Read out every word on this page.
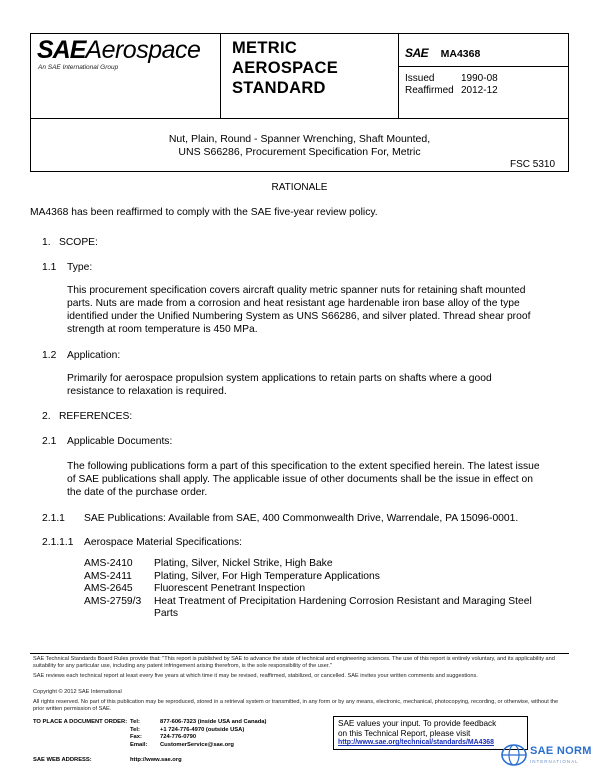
SAEAerospace
An SAE International Group
METRIC
AEROSPACE
STANDARD
SAE MA4368
Issued	1990-08
Reaffirmed 2012-12
Nut, Plain, Round - Spanner Wrenching, Shaft Mounted,
UNS S66286, Procurement Specification For, Metric
FSC 5310
RATIONALE
MA4368 has been reaffirmed to comply with the SAE five-year review policy.
1. SCOPE:
1.1 Type:
This procurement specification covers aircraft quality metric spanner nuts for retaining shaft mounted parts. Nuts are made from a corrosion and heat resistant age hardenable iron base alloy of the type identified under the Unified Numbering System as UNS S66286, and silver plated. Thread shear proof strength at room temperature is 450 MPa.
1.2 Application:
Primarily for aerospace propulsion system applications to retain parts on shafts where a good resistance to relaxation is required.
2. REFERENCES:
2.1 Applicable Documents:
The following publications form a part of this specification to the extent specified herein. The latest issue of SAE publications shall apply. The applicable issue of other documents shall be the issue in effect on the date of the purchase order.
2.1.1 SAE Publications: Available from SAE, 400 Commonwealth Drive, Warrendale, PA 15096-0001.
2.1.1.1 Aerospace Material Specifications:
AMS-2410	Plating, Silver, Nickel Strike, High Bake
AMS-2411	Plating, Silver, For High Temperature Applications
AMS-2645	Fluorescent Penetrant Inspection
AMS-2759/3	Heat Treatment of Precipitation Hardening Corrosion Resistant and Maraging Steel Parts
SAE Technical Standards Board Rules provide that: "This report is published by SAE to advance the state of technical and engineering sciences. The use of this report is entirely voluntary, and its applicability and suitability for any particular use, including any patent infringement arising therefrom, is the sole responsibility of the user."
SAE reviews each technical report at least every five years at which time it may be revised, reaffirmed, stabilized, or cancelled. SAE invites your written comments and suggestions.
Copyright © 2012 SAE International
All rights reserved. No part of this publication may be reproduced, stored in a retrieval system or transmitted, in any form or by any means, electronic, mechanical, photocopying, recording, or otherwise, without the prior written permission of SAE.
TO PLACE A DOCUMENT ORDER:
SAE WEB ADDRESS:
Tel:	877-606-7323 (inside USA and Canada)
Tel:	+1 724-776-4970 (outside USA)
Fax:	724-776-0790
Email: CustomerService@sae.org
http://www.sae.org
SAE values your input. To provide feedback
on this Technical Report, please visit
http://www.sae.org/technical/standards/MA4368
SAE NORM
INTERNATIONAL
